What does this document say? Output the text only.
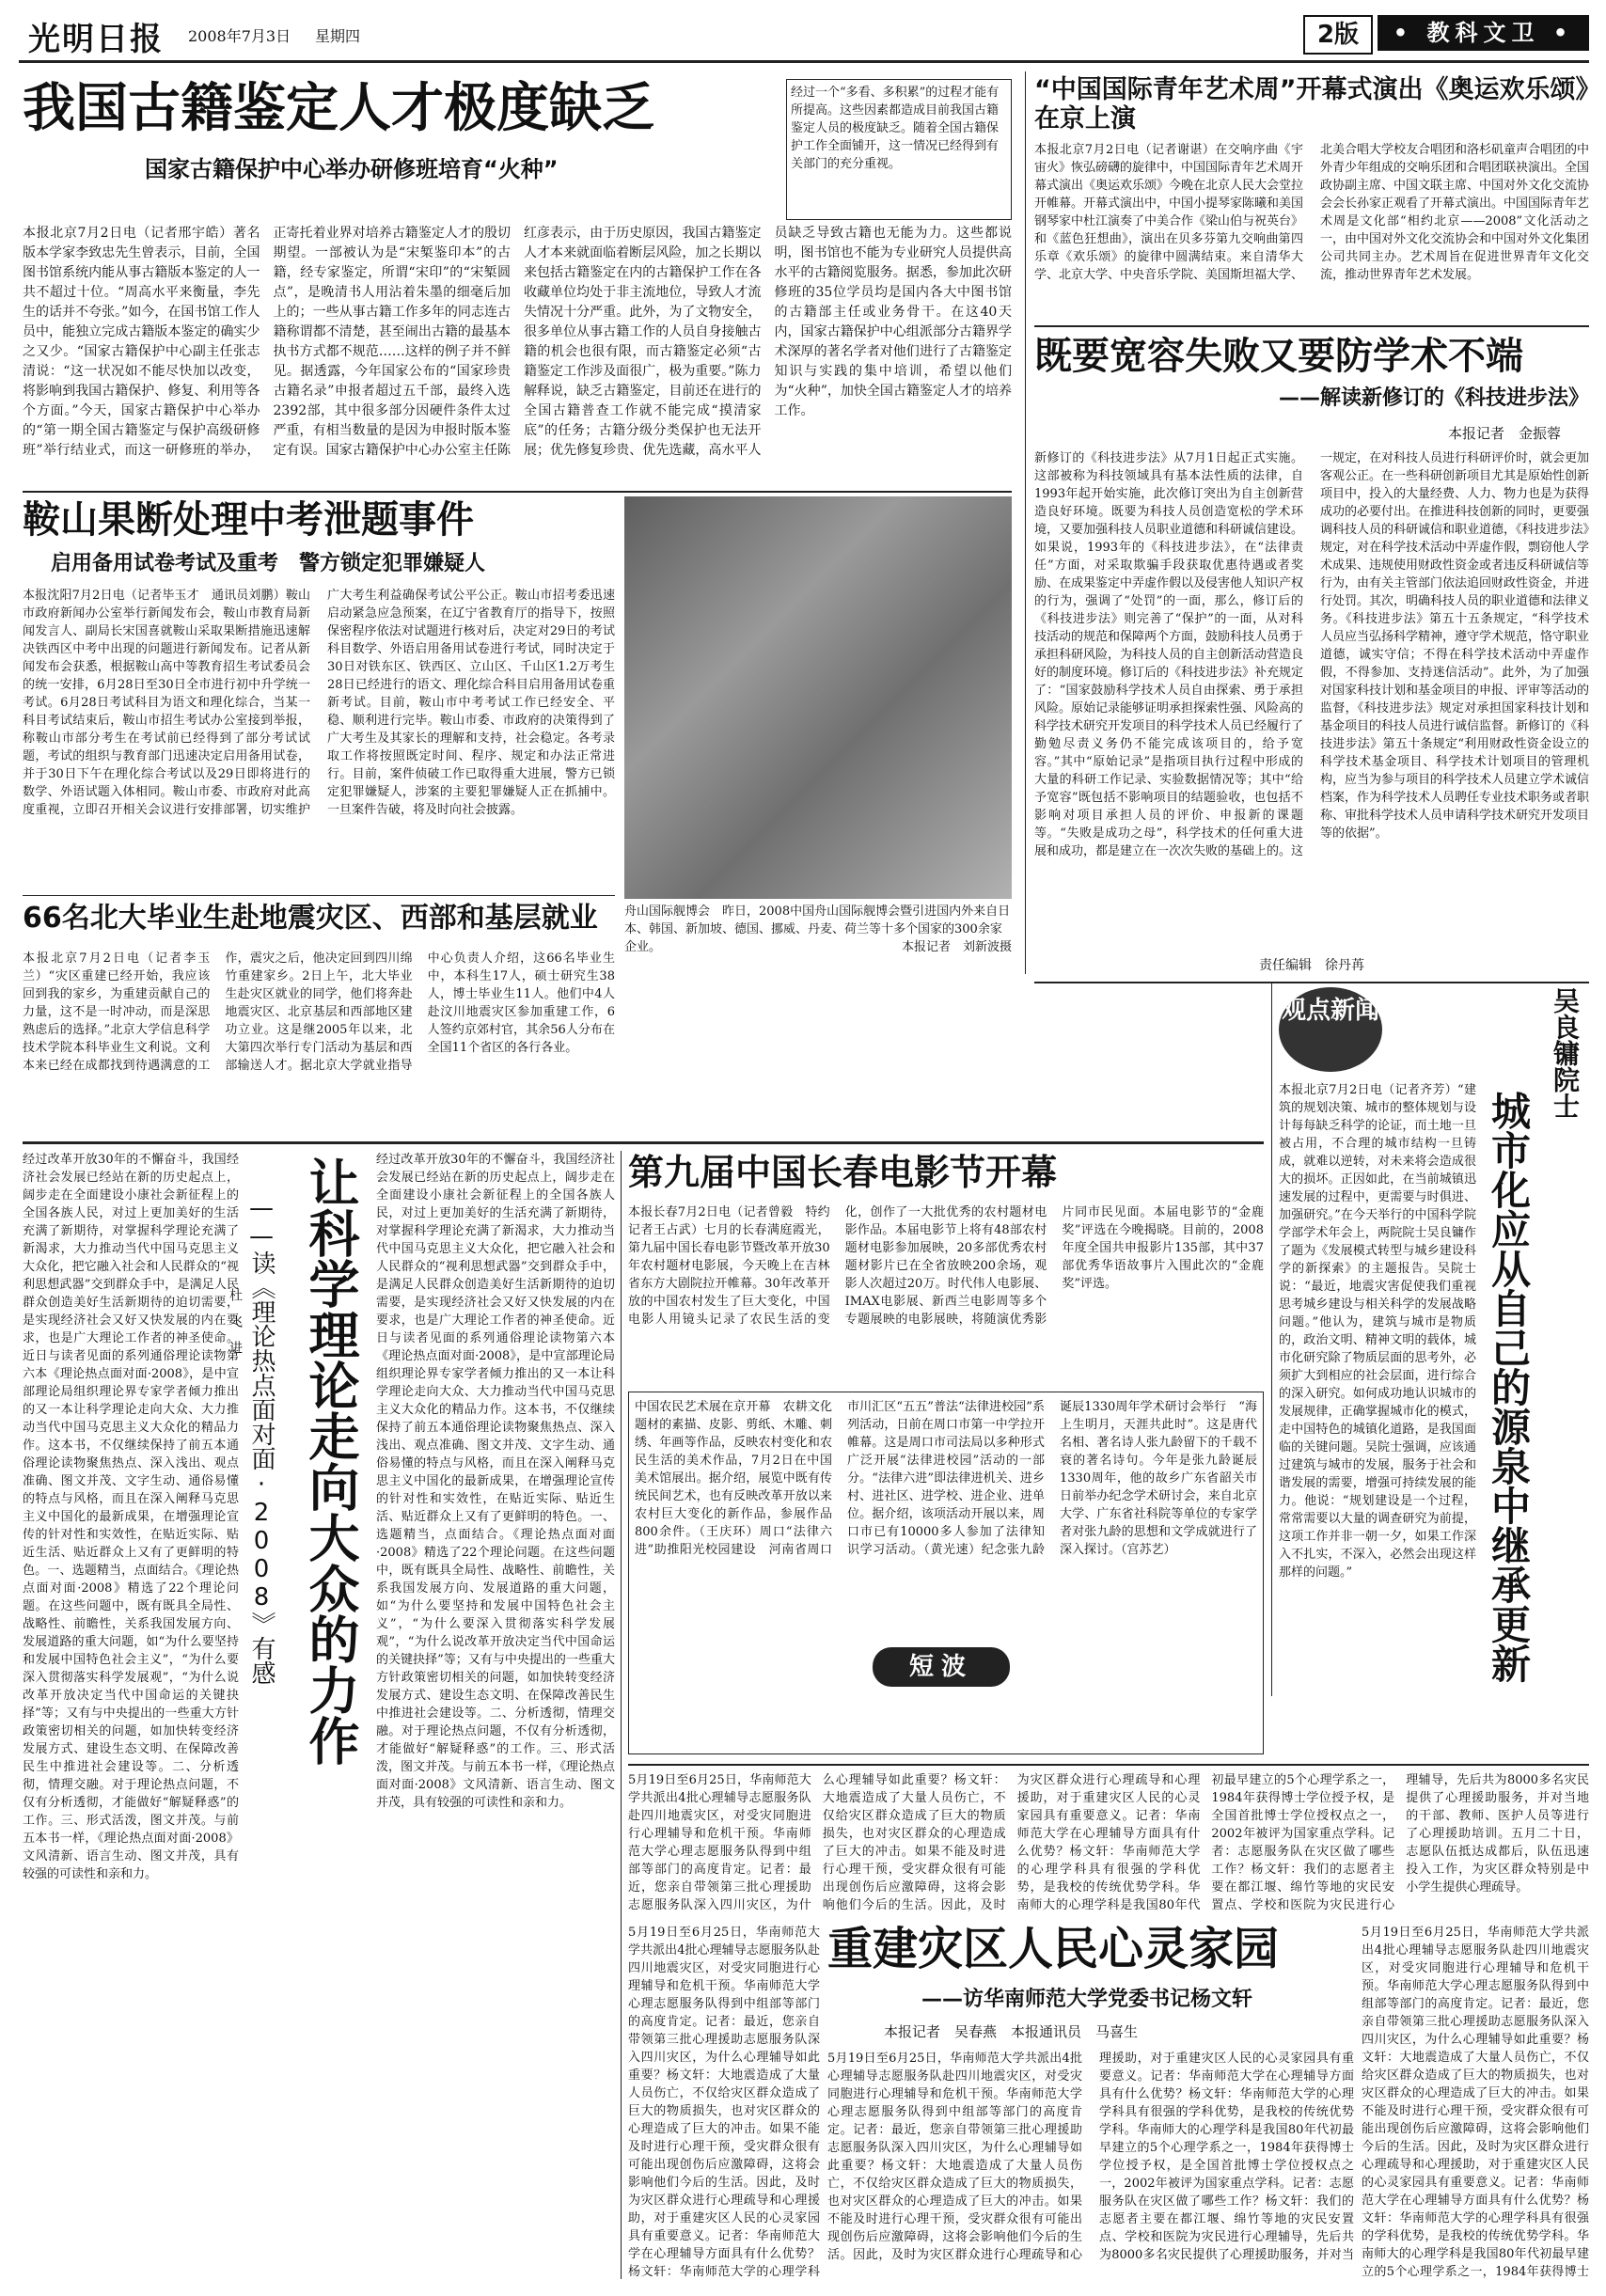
光明日报 2008年7月3日 星期四	2版	• 教科文卫 •
我国古籍鉴定人才极度缺乏
国家古籍保护中心举办研修班培育“火种”
经过一个“多看、多积累”的过程才能有所提高。这些因素都造成目前我国古籍鉴定人员的极度缺乏。随着全国古籍保护工作全面铺开，这一情况已经得到有关部门的充分重视。
本报北京7月2日电（记者邢宇皓）著名版本学家李致忠先生曾表示，目前，全国图书馆系统内能从事古籍版本鉴定的人一共不超过十位。“周高水平来衡量，李先生的话并不夸张。”如今，在国书馆工作人员中，能独立完成古籍版本鉴定的确实少之又少。“国家古籍保护中心副主任张志清说：“这一状况如不能尽快加以改变，将影响到我国古籍保护、修复、利用等各个方面。”今天，国家古籍保护中心举办的“第一期全国古籍鉴定与保护高级研修班”举行结业式，而这一研修班的举办，正寄托着业界对培养古籍鉴定人才的殷切期望。一部被认为是“宋椠鉴印本”的古籍，经专家鉴定，所谓“宋印”的“宋椠圆点”，是晚清书人用沾着朱墨的细毫后加上的；一些从事古籍工作多年的同志连古籍称谓都不清楚，甚至闹出古籍的最基本执书方式都不规范……这样的例子并不鲜见。据透露，今年国家公布的“国家珍贵古籍名录”申报者超过五千部，最终入选2392部，其中很多部分因硬件条件太过严重，有相当数量的是因为申报时版本鉴定有误。国家古籍保护中心办公室主任陈红彦表示，由于历史原因，我国古籍鉴定人才本来就面临着断层风险，加之长期以来包括古籍鉴定在内的古籍保护工作在各收藏单位均处于非主流地位，导致人才流失情况十分严重。此外，为了文物安全，很多单位从事古籍工作的人员自身接触古籍的机会也很有限，而古籍鉴定必须“古籍鉴定工作涉及面很广，极为重要。”陈力解释说，缺乏古籍鉴定，目前还在进行的全国古籍普查工作就不能完成“摸清家底”的任务；古籍分级分类保护也无法开展；优先修复珍贵、优先选藏，高水平人员缺乏导致古籍也无能为力。这些都说明，图书馆也不能为专业研究人员提供高水平的古籍阅览服务。据悉，参加此次研修班的35位学员均是国内各大中图书馆的古籍部主任或业务骨干。在这40天内，国家古籍保护中心组派部分古籍界学术深厚的著名学者对他们进行了古籍鉴定知识与实践的集中培训，希望以他们为“火种”，加快全国古籍鉴定人才的培养工作。
“中国国际青年艺术周”开幕式演出《奥运欢乐颂》在京上演
本报北京7月2日电（记者谢谌）在交响序曲《宇宙火》恢弘磅礴的旋律中，中国国际青年艺术周开幕式演出《奥运欢乐颂》今晚在北京人民大会堂拉开帷幕。开幕式演出中，中国小提琴家陈曦和美国钢琴家中杜江演奏了中美合作《梁山伯与祝英台》和《蓝色狂想曲》，演出在贝多芬第九交响曲第四乐章《欢乐颂》的旋律中圆满结束。来自清华大学、北京大学、中央音乐学院、美国斯坦福大学、北美合唱大学校友合唱团和洛杉矶童声合唱团的中外青少年组成的交响乐团和合唱团联袂演出。全国政协副主席、中国文联主席、中国对外文化交流协会会长孙家正观看了开幕式演出。中国国际青年艺术周是文化部“相约北京——2008”文化活动之一，由中国对外文化交流协会和中国对外文化集团公司共同主办。艺术周旨在促进世界青年文化交流，推动世界青年艺术发展。
既要宽容失败又要防学术不端
——解读新修订的《科技进步法》
本报记者　金振蓉
新修订的《科技进步法》从7月1日起正式实施。这部被称为科技领域具有基本法性质的法律，自1993年起开始实施，此次修订突出为自主创新营造良好环境。既要为科技人员创造宽松的学术环境，又要加强科技人员职业道德和科研诚信建设。如果说，1993年的《科技进步法》，在“法律责任”方面，对采取欺骗手段获取优惠待遇或者奖励、在成果鉴定中弄虚作假以及侵害他人知识产权的行为，强调了“处罚”的一面，那么，修订后的《科技进步法》则完善了“保护”的一面，从对科技活动的规范和保障两个方面，鼓励科技人员勇于承担科研风险，为科技人员的自主创新活动营造良好的制度环境。修订后的《科技进步法》补充规定了：“国家鼓励科学技术人员自由探索、勇于承担风险。原始记录能够证明承担探索性强、风险高的科学技术研究开发项目的科学技术人员已经履行了勤勉尽责义务仍不能完成该项目的，给予宽容。”其中“原始记录”是指项目执行过程中形成的大量的科研工作记录、实验数据情况等；其中“给予宽容”既包括不影响项目的结题验收，也包括不影响对项目承担人员的评价、申报新的课题等。“失败是成功之母”，科学技术的任何重大进展和成功，都是建立在一次次失败的基础上的。这一规定，在对科技人员进行科研评价时，就会更加客观公正。在一些科研创新项目尤其是原始性创新项目中，投入的大量经费、人力、物力也是为获得成功的必要付出。在推进科技创新的同时，更要强调科技人员的科研诚信和职业道德，《科技进步法》规定，对在科学技术活动中弄虚作假，剽窃他人学术成果、违规使用财政性资金或者违反科研诚信等行为，由有关主管部门依法追回财政性资金，并进行处罚。其次，明确科技人员的职业道德和法律义务。《科技进步法》第五十五条规定，“科学技术人员应当弘扬科学精神，遵守学术规范，恪守职业道德，诚实守信；不得在科学技术活动中弄虚作假，不得参加、支持迷信活动”。此外，为了加强对国家科技计划和基金项目的申报、评审等活动的监督，《科技进步法》规定对承担国家科技计划和基金项目的科技人员进行诚信监督。新修订的《科技进步法》第五十条规定“利用财政性资金设立的科学技术基金项目、科学技术计划项目的管理机构，应当为参与项目的科学技术人员建立学术诚信档案，作为科学技术人员聘任专业技术职务或者职称、审批科学技术人员申请科学技术研究开发项目等的依据”。
鞍山果断处理中考泄题事件
启用备用试卷考试及重考　警方锁定犯罪嫌疑人
本报沈阳7月2日电（记者毕玉才　通讯员刘鹏）鞍山市政府新闻办公室举行新闻发布会，鞍山市教育局新闻发言人、副局长宋国喜就鞍山采取果断措施迅速解决铁西区中考中出现的问题进行新闻发布。记者从新闻发布会获悉，根据鞍山高中等教育招生考试委员会的统一安排，6月28日至30日全市进行初中升学统一考试。6月28日考试科目为语文和理化综合，当某一科目考试结束后，鞍山市招生考试办公室接到举报，称鞍山市部分考生在考试前已经得到了部分考试试题，考试的组织与教育部门迅速决定启用备用试卷，并于30日下午在理化综合考试以及29日即将进行的数学、外语试题入体相同。鞍山市委、市政府对此高度重视，立即召开相关会议进行安排部署，切实维护广大考生利益确保考试公平公正。鞍山市招考委迅速启动紧急应急预案，在辽宁省教育厅的指导下，按照保密程序依法对试题进行核对后，决定对29日的考试科目数学、外语启用备用试卷进行考试，同时决定于30日对铁东区、铁西区、立山区、千山区1.2万考生28日已经进行的语文、理化综合科目启用备用试卷重新考试。目前，鞍山市中考考试工作已经安全、平稳、顺利进行完毕。鞍山市委、市政府的决策得到了广大考生及其家长的理解和支持，社会稳定。各考录取工作将按照既定时间、程序、规定和办法正常进行。目前，案件侦破工作已取得重大进展，警方已锁定犯罪嫌疑人，涉案的主要犯罪嫌疑人正在抓捕中。一旦案件告破，将及时向社会披露。
舟山国际舰博会　昨日，2008中国舟山国际舰博会暨引进国内外来自日本、韩国、新加坡、德国、挪威、丹麦、荷兰等十多个国家的300余家企业。	本报记者　刘新波摄
66名北大毕业生赴地震灾区、西部和基层就业
本报北京7月2日电（记者李玉兰）“灾区重建已经开始，我应该回到我的家乡，为重建贡献自己的力量，这不是一时冲动，而是深思熟虑后的选择。”北京大学信息科学技术学院本科毕业生文利说。文利本来已经在成都找到待遇满意的工作，震灾之后，他决定回到四川绵竹重建家乡。2日上午，北大毕业生赴灾区就业的同学，他们将奔赴地震灾区、北京基层和西部地区建功立业。这是继2005年以来，北大第四次举行专门活动为基层和西部输送人才。据北京大学就业指导中心负责人介绍，这66名毕业生中，本科生17人，硕士研究生38人，博士毕业生11人。他们中4人赴汶川地震灾区参加重建工作，6人签约京郊村官，其余56人分布在全国11个省区的各行各业。
责任编辑　徐丹苒
让科学理论走向大众的力作
——读《理论热点面对面·2008》有感
杜　飞　进
经过改革开放30年的不懈奋斗，我国经济社会发展已经站在新的历史起点上，阔步走在全面建设小康社会新征程上的全国各族人民，对过上更加美好的生活充满了新期待，对掌握科学理论充满了新渴求，大力推动当代中国马克思主义大众化，把它融入社会和人民群众的“视利思想武器”交到群众手中，是满足人民群众创造美好生活新期待的迫切需要，是实现经济社会又好又快发展的内在要求，也是广大理论工作者的神圣使命。近日与读者见面的系列通俗理论读物第六本《理论热点面对面·2008》，是中宣部理论局组织理论界专家学者倾力推出的又一本让科学理论走向大众、大力推动当代中国马克思主义大众化的精品力作。这本书，不仅继续保持了前五本通俗理论读物聚焦热点、深入浅出、观点准确、图文并茂、文字生动、通俗易懂的特点与风格，而且在深入阐释马克思主义中国化的最新成果，在增强理论宣传的针对性和实效性，在贴近实际、贴近生活、贴近群众上又有了更鲜明的特色。一、选题精当，点面结合。《理论热点面对面·2008》精选了22个理论问题。在这些问题中，既有既具全局性、战略性、前瞻性，关系我国发展方向、发展道路的重大问题，如“为什么要坚持和发展中国特色社会主义”，“为什么要深入贯彻落实科学发展观”，“为什么说改革开放决定当代中国命运的关键抉择”等；又有与中央提出的一些重大方针政策密切相关的问题，如加快转变经济发展方式、建设生态文明、在保障改善民生中推进社会建设等。二、分析透彻，情理交融。对于理论热点问题，不仅有分析透彻，才能做好“解疑释惑”的工作。三、形式活泼，图文并茂。与前五本书一样，《理论热点面对面·2008》文风清新、语言生动、图文并茂，具有较强的可读性和亲和力。
经过改革开放30年的不懈奋斗，我国经济社会发展已经站在新的历史起点上，阔步走在全面建设小康社会新征程上的全国各族人民，对过上更加美好的生活充满了新期待，对掌握科学理论充满了新渴求，大力推动当代中国马克思主义大众化，把它融入社会和人民群众的“视利思想武器”交到群众手中，是满足人民群众创造美好生活新期待的迫切需要，是实现经济社会又好又快发展的内在要求，也是广大理论工作者的神圣使命。近日与读者见面的系列通俗理论读物第六本《理论热点面对面·2008》，是中宣部理论局组织理论界专家学者倾力推出的又一本让科学理论走向大众、大力推动当代中国马克思主义大众化的精品力作。这本书，不仅继续保持了前五本通俗理论读物聚焦热点、深入浅出、观点准确、图文并茂、文字生动、通俗易懂的特点与风格，而且在深入阐释马克思主义中国化的最新成果，在增强理论宣传的针对性和实效性，在贴近实际、贴近生活、贴近群众上又有了更鲜明的特色。一、选题精当，点面结合。《理论热点面对面·2008》精选了22个理论问题。在这些问题中，既有既具全局性、战略性、前瞻性，关系我国发展方向、发展道路的重大问题，如“为什么要坚持和发展中国特色社会主义”，“为什么要深入贯彻落实科学发展观”，“为什么说改革开放决定当代中国命运的关键抉择”等；又有与中央提出的一些重大方针政策密切相关的问题，如加快转变经济发展方式、建设生态文明、在保障改善民生中推进社会建设等。二、分析透彻，情理交融。对于理论热点问题，不仅有分析透彻，才能做好“解疑释惑”的工作。三、形式活泼，图文并茂。与前五本书一样，《理论热点面对面·2008》文风清新、语言生动、图文并茂，具有较强的可读性和亲和力。
第九届中国长春电影节开幕
本报长春7月2日电（记者曾毅　特约记者王占武）七月的长春满庭霞光，第九届中国长春电影节暨改革开放30年农村题材电影展，今天晚上在吉林省东方大剧院拉开帷幕。30年改革开放的中国农村发生了巨大变化，中国电影人用镜头记录了农民生活的变化，创作了一大批优秀的农村题材电影作品。本届电影节上将有48部农村题材电影参加展映，20多部优秀农村题材影片已在全省放映200余场，观影人次超过20万。时代伟人电影展、IMAX电影展、新西兰电影周等多个专题展映的电影展映，将随演优秀影片同市民见面。本届电影节的“金鹿奖”评选在今晚揭晓。目前的，2008年度全国共申报影片135部，其中37部优秀华语故事片入围此次的“金鹿奖”评选。
中国农民艺术展在京开幕　农耕文化题材的素描、皮影、剪纸、木雕、刺绣、年画等作品，反映农村变化和农民生活的美术作品，7月2日在中国美术馆展出。据介绍，展览中既有传统民间艺术，也有反映改革开放以来农村巨大变化的新作品，参展作品800余件。（王庆环）周口“法律六进”助推阳光校园建设　河南省周口市川汇区“五五”普法“法律进校园”系列活动，日前在周口市第一中学拉开帷幕。这是周口市司法局以多种形式广泛开展“法律进校园”活动的一部分。“法律六进”即法律进机关、进乡村、进社区、进学校、进企业、进单位。据介绍，该项活动开展以来，周口市已有10000多人参加了法律知识学习活动。（黄光速）纪念张九龄诞辰1330周年学术研讨会举行　“海上生明月，天涯共此时”。这是唐代名相、著名诗人张九龄留下的千载不衰的著名诗句。今年是张九龄诞辰1330周年，他的故乡广东省韶关市日前举办纪念学术研讨会，来自北京大学、广东省社科院等单位的专家学者对张九龄的思想和文学成就进行了深入探讨。（宫苏艺）
短波
观点新闻	吴良镛院士
城市化应从自己的源泉中继承更新
本报北京7月2日电（记者齐芳）“建筑的规划决策、城市的整体规划与设计每每缺乏科学的论证，而土地一旦被占用，不合理的城市结构一旦铸成，就难以逆转，对未来将会造成很大的损坏。正因如此，在当前城镇迅速发展的过程中，更需要与时俱进、加强研究。”在今天举行的中国科学院学部学术年会上，两院院士吴良镛作了题为《发展模式转型与城乡建设科学的新探索》的主题报告。吴院士说：“最近，地震灾害促使我们重视思考城乡建设与相关科学的发展战略问题。”他认为，建筑与城市是物质的，政治文明、精神文明的载体，城市化研究除了物质层面的思考外，必须扩大到相应的社会层面，进行综合的深入研究。如何成功地认识城市的发展规律，正确掌握城市化的模式，走中国特色的城镇化道路，是我国面临的关键问题。吴院士强调，应该通过建筑与城市的发展，服务于社会和谐发展的需要，增强可持续发展的能力。他说：“规划建设是一个过程，常常需要以大量的调查研究为前提，这项工作并非一朝一夕，如果工作深入不扎实，不深入，必然会出现这样那样的问题。”
重建灾区人民心灵家园
——访华南师范大学党委书记杨文轩
本报记者　吴春燕　本报通讯员　马喜生
5月19日至6月25日，华南师范大学共派出4批心理辅导志愿服务队赴四川地震灾区，对受灾同胞进行心理辅导和危机干预。华南师范大学心理志愿服务队得到中组部等部门的高度肯定。记者：最近，您亲自带领第三批心理援助志愿服务队深入四川灾区，为什么心理辅导如此重要？杨文轩：大地震造成了大量人员伤亡，不仅给灾区群众造成了巨大的物质损失，也对灾区群众的心理造成了巨大的冲击。如果不能及时进行心理干预，受灾群众很有可能出现创伤后应激障碍，这将会影响他们今后的生活。因此，及时为灾区群众进行心理疏导和心理援助，对于重建灾区人民的心灵家园具有重要意义。记者：华南师范大学在心理辅导方面具有什么优势？杨文轩：华南师范大学的心理学科具有很强的学科优势，是我校的传统优势学科。华南师大的心理学科是我国80年代初最早建立的5个心理学系之一，1984年获得博士学位授予权，是全国首批博士学位授权点之一，2002年被评为国家重点学科。记者：志愿服务队在灾区做了哪些工作？杨文轩：我们的志愿者主要在都江堰、绵竹等地的灾民安置点、学校和医院为灾民进行心理辅导，先后共为8000多名灾民提供了心理援助服务，并对当地的干部、教师、医护人员等进行了心理援助培训。五月二十日，志愿队伍抵达成都后，队伍迅速投入工作，为灾区群众特别是中小学生提供心理疏导。
5月19日至6月25日，华南师范大学共派出4批心理辅导志愿服务队赴四川地震灾区，对受灾同胞进行心理辅导和危机干预。华南师范大学心理志愿服务队得到中组部等部门的高度肯定。记者：最近，您亲自带领第三批心理援助志愿服务队深入四川灾区，为什么心理辅导如此重要？杨文轩：大地震造成了大量人员伤亡，不仅给灾区群众造成了巨大的物质损失，也对灾区群众的心理造成了巨大的冲击。如果不能及时进行心理干预，受灾群众很有可能出现创伤后应激障碍，这将会影响他们今后的生活。因此，及时为灾区群众进行心理疏导和心理援助，对于重建灾区人民的心灵家园具有重要意义。记者：华南师范大学在心理辅导方面具有什么优势？杨文轩：华南师范大学的心理学科
5月19日至6月25日，华南师范大学共派出4批心理辅导志愿服务队赴四川地震灾区，对受灾同胞进行心理辅导和危机干预。华南师范大学心理志愿服务队得到中组部等部门的高度肯定。记者：最近，您亲自带领第三批心理援助志愿服务队深入四川灾区，为什么心理辅导如此重要？杨文轩：大地震造成了大量人员伤亡，不仅给灾区群众造成了巨大的物质损失，也对灾区群众的心理造成了巨大的冲击。如果不能及时进行心理干预，受灾群众很有可能出现创伤后应激障碍，这将会影响他们今后的生活。因此，及时为灾区群众进行心理疏导和心理援助，对于重建灾区人民的心灵家园具有重要意义。记者：华南师范大学在心理辅导方面具有什么优势？杨文轩：华南师范大学的心理学科具有很强的学科优势，是我校的传统优势学科。华南师大的心理学科是我国80年代初最早建立的5个心理学系之一，1984年获得博士
5月19日至6月25日，华南师范大学共派出4批心理辅导志愿服务队赴四川地震灾区，对受灾同胞进行心理辅导和危机干预。华南师范大学心理志愿服务队得到中组部等部门的高度肯定。记者：最近，您亲自带领第三批心理援助志愿服务队深入四川灾区，为什么心理辅导如此重要？杨文轩：大地震造成了大量人员伤亡，不仅给灾区群众造成了巨大的物质损失，也对灾区群众的心理造成了巨大的冲击。如果不能及时进行心理干预，受灾群众很有可能出现创伤后应激障碍，这将会影响他们今后的生活。因此，及时为灾区群众进行心理疏导和心理援助，对于重建灾区人民的心灵家园具有重要意义。记者：华南师范大学在心理辅导方面具有什么优势？杨文轩：华南师范大学的心理学科具有很强的学科优势，是我校的传统优势学科。华南师大的心理学科是我国80年代初最早建立的5个心理学系之一，1984年获得博士学位授予权，是全国首批博士学位授权点之一，2002年被评为国家重点学科。记者：志愿服务队在灾区做了哪些工作？杨文轩：我们的志愿者主要在都江堰、绵竹等地的灾民安置点、学校和医院为灾民进行心理辅导，先后共为8000多名灾民提供了心理援助服务，并对当
